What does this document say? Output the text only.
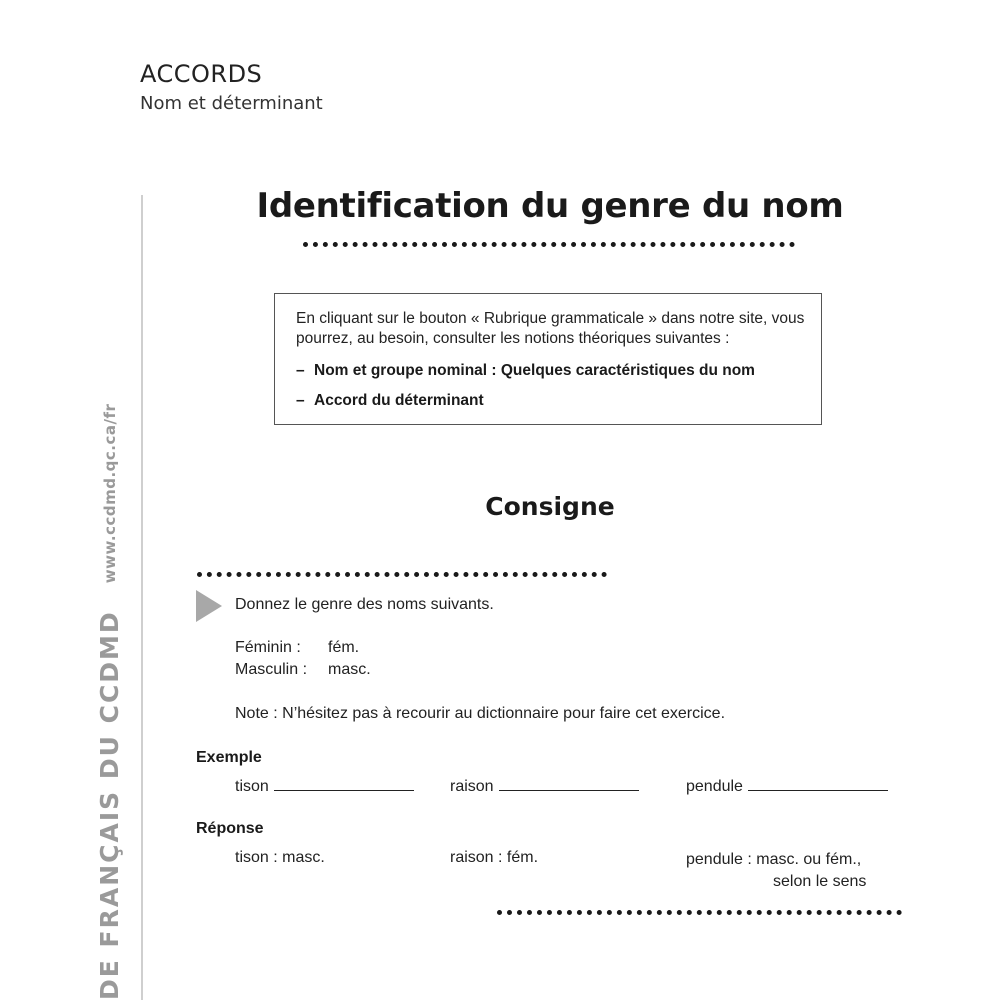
ACCORDS
Nom et déterminant
DE FRANÇAIS DU CCDMD www.ccdmd.qc.ca/fr
Identification du genre du nom

En cliquant sur le bouton « Rubrique grammaticale » dans notre site, vous pourrez, au besoin, consulter les notions théoriques suivantes :

– Nom et groupe nominal : Quelques caractéristiques du nom

– Accord du déterminant

Consigne
Donnez le genre des noms suivants.
Féminin : fém.
Masculin : masc.
Note : N’hésitez pas à recourir au dictionnaire pour faire cet exercice.
Exemple
tison	raison	pendule
Réponse
tison : masc.	raison : fém.	pendule : masc. ou fém.,
selon le sens
